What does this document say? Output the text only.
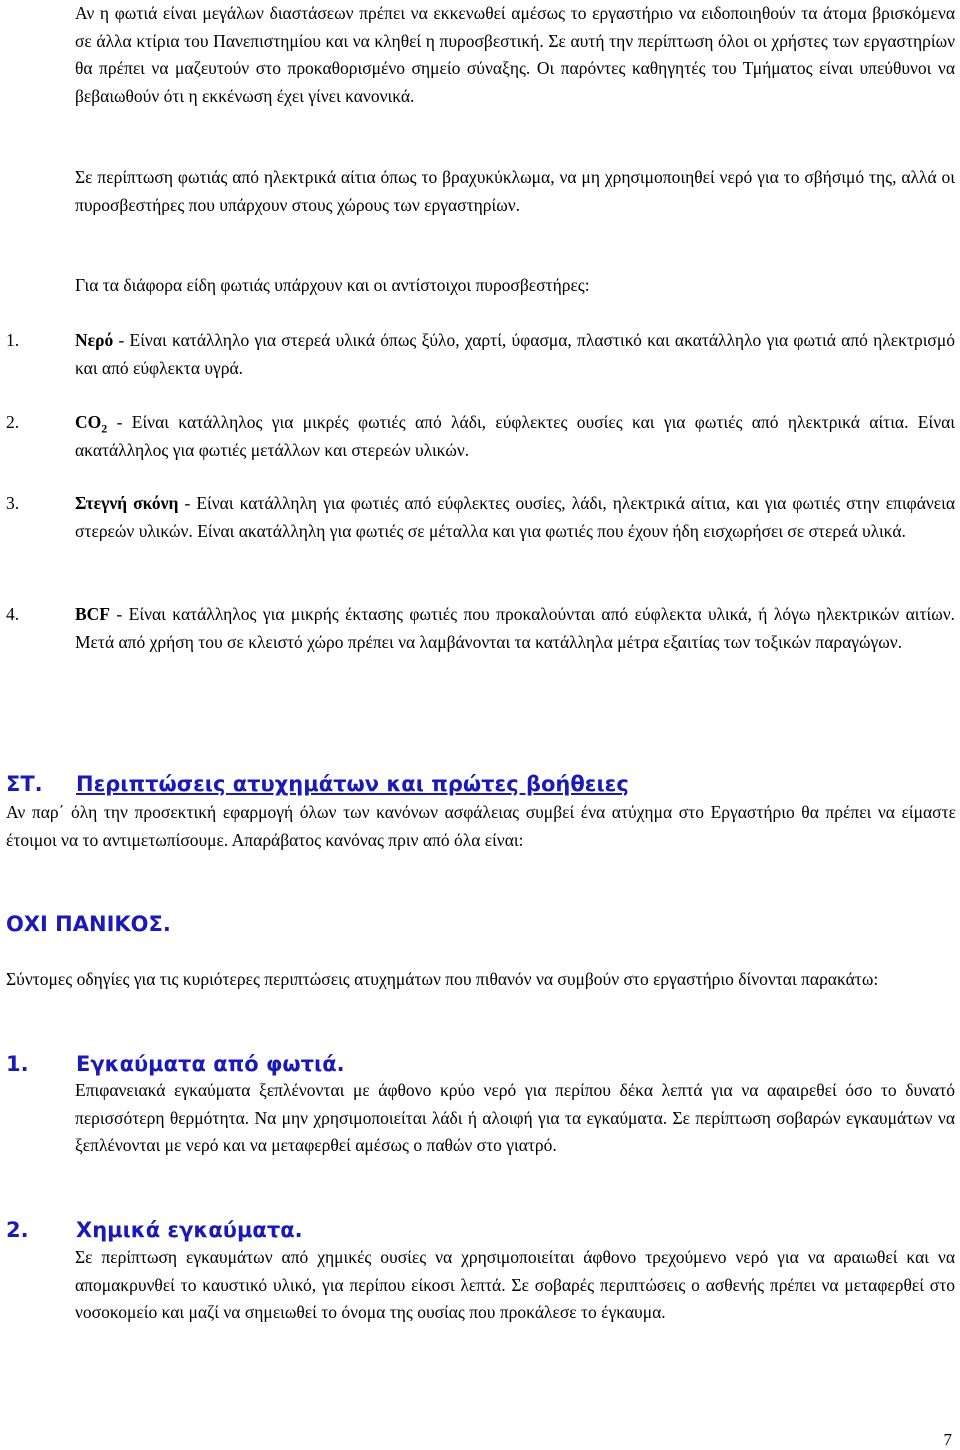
Αν η φωτιά είναι μεγάλων διαστάσεων πρέπει να εκκενωθεί αμέσως το εργαστήριο να ειδοποιηθούν τα άτομα βρισκόμενα σε άλλα κτίρια του Πανεπιστημίου και να κληθεί η πυροσβεστική. Σε αυτή την περίπτωση όλοι οι χρήστες των εργαστηρίων θα πρέπει να μαζευτούν στο προκαθορισμένο σημείο σύναξης. Οι παρόντες καθηγητές του Τμήματος είναι υπεύθυνοι να βεβαιωθούν ότι η εκκένωση έχει γίνει κανονικά.

Σε περίπτωση φωτιάς από ηλεκτρικά αίτια όπως το βραχυκύκλωμα, να μη χρησιμοποιηθεί νερό για το σβήσιμό της, αλλά οι πυροσβεστήρες που υπάρχουν στους χώρους των εργαστηρίων.

Για τα διάφορα είδη φωτιάς υπάρχουν και οι αντίστοιχοι πυροσβεστήρες:

1.	Νερό - Είναι κατάλληλο για στερεά υλικά όπως ξύλο, χαρτί, ύφασμα, πλαστικό και ακατάλληλο για φωτιά από ηλεκτρισμό και από εύφλεκτα υγρά.

2.	$CO_2$ - Είναι κατάλληλος για μικρές φωτιές από λάδι, εύφλεκτες ουσίες και για φωτιές από ηλεκτρικά αίτια. Είναι ακατάλληλος για φωτιές μετάλλων και στερεών υλικών.

3.	Στεγνή σκόνη - Είναι κατάλληλη για φωτιές από εύφλεκτες ουσίες, λάδι, ηλεκτρικά αίτια, και για φωτιές στην επιφάνεια στερεών υλικών. Είναι ακατάλληλη για φωτιές σε μέταλλα και για φωτιές που έχουν ήδη εισχωρήσει σε στερεά υλικά.

4.	BCF - Είναι κατάλληλος για μικρής έκτασης φωτιές που προκαλούνται από εύφλεκτα υλικά, ή λόγω ηλεκτρικών αιτίων. Μετά από χρήση του σε κλειστό χώρο πρέπει να λαμβάνονται τα κατάλληλα μέτρα εξαιτίας των τοξικών παραγώγων.

ΣΤ. Περιπτώσεις ατυχημάτων και πρώτες βοήθειες

Αν παρ΄ όλη την προσεκτική εφαρμογή όλων των κανόνων ασφάλειας συμβεί ένα ατύχημα στο Εργαστήριο θα πρέπει να είμαστε έτοιμοι να το αντιμετωπίσουμε. Απαράβατος κανόνας πριν από όλα είναι:

ΟΧΙ ΠΑΝΙΚΟΣ.

Σύντομες οδηγίες για τις κυριότερες περιπτώσεις ατυχημάτων που πιθανόν να συμβούν στο εργαστήριο δίνονται παρακάτω:

1. Εγκαύματα από φωτιά.

Επιφανειακά εγκαύματα ξεπλένονται με άφθονο κρύο νερό για περίπου δέκα λεπτά για να αφαιρεθεί όσο το δυνατό περισσότερη θερμότητα. Να μην χρησιμοποιείται λάδι ή αλοιφή για τα εγκαύματα. Σε περίπτωση σοβαρών εγκαυμάτων να ξεπλένονται με νερό και να μεταφερθεί αμέσως ο παθών στο γιατρό.

2. Χημικά εγκαύματα.

Σε περίπτωση εγκαυμάτων από χημικές ουσίες να χρησιμοποιείται άφθονο τρεχούμενο νερό για να αραιωθεί και να απομακρυνθεί το καυστικό υλικό, για περίπου είκοσι λεπτά. Σε σοβαρές περιπτώσεις ο ασθενής πρέπει να μεταφερθεί στο νοσοκομείο και μαζί να σημειωθεί το όνομα της ουσίας που προκάλεσε το έγκαυμα.

7
